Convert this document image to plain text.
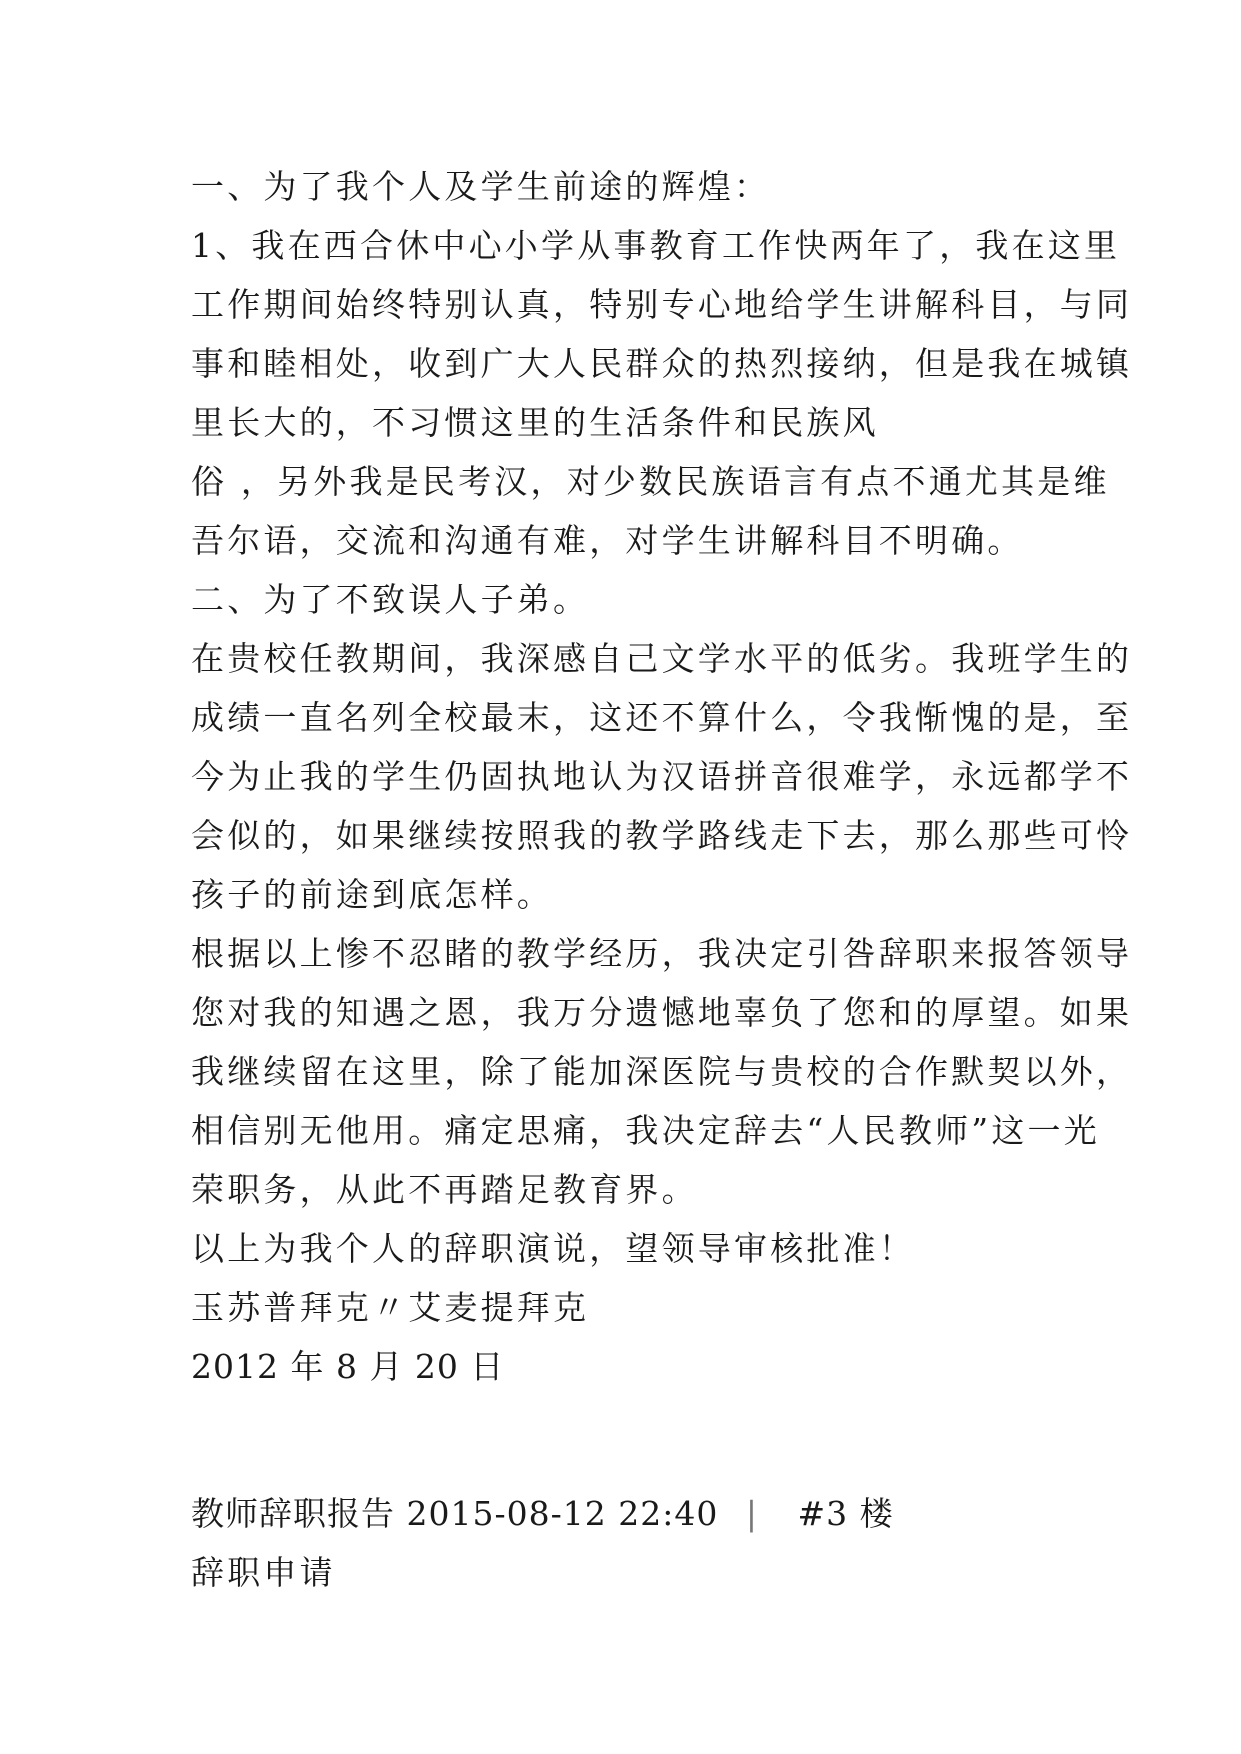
一、为了我个人及学生前途的辉煌：
1、我在西合休中心小学从事教育工作快两年了，我在这里
工作期间始终特别认真，特别专心地给学生讲解科目，与同
事和睦相处，收到广大人民群众的热烈接纳，但是我在城镇
里长大的，不习惯这里的生活条件和民族风
俗 ，另外我是民考汉，对少数民族语言有点不通尤其是维
吾尔语，交流和沟通有难，对学生讲解科目不明确。
二、为了不致误人子弟。
在贵校任教期间，我深感自己文学水平的低劣。我班学生的
成绩一直名列全校最末，这还不算什么，令我惭愧的是，至
今为止我的学生仍固执地认为汉语拼音很难学，永远都学不
会似的，如果继续按照我的教学路线走下去，那么那些可怜
孩子的前途到底怎样。
根据以上惨不忍睹的教学经历，我决定引咎辞职来报答领导
您对我的知遇之恩，我万分遗憾地辜负了您和的厚望。如果
我继续留在这里，除了能加深医院与贵校的合作默契以外，
相信别无他用。痛定思痛，我决定辞去“人民教师”这一光
荣职务，从此不再踏足教育界。
以上为我个人的辞职演说，望领导审核批准！
玉苏普拜克〃艾麦提拜克
2012 年 8 月 20 日
教师辞职报告 2015-08-12 22:40 | #3 楼
辞职申请
